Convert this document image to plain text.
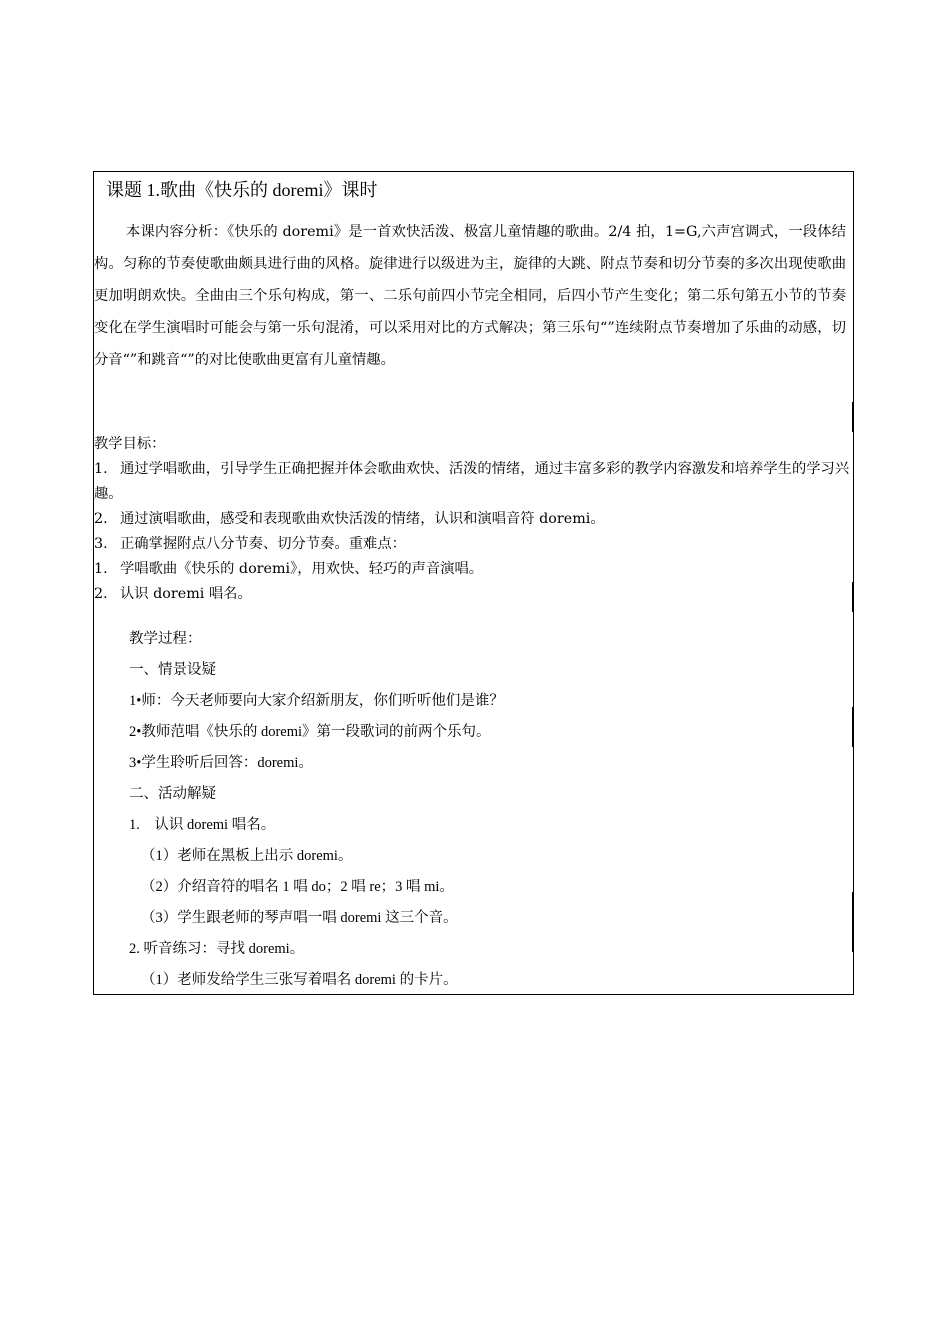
课题 1.歌曲《快乐的 doremi》课时
本课内容分析：《快乐的 doremi》是一首欢快活泼、极富儿童情趣的歌曲。2/4 拍，1=G,六声宫调式，一段体结构。匀称的节奏使歌曲颇具进行曲的风格。旋律进行以级进为主，旋律的大跳、附点节奏和切分节奏的多次出现使歌曲更加明朗欢快。全曲由三个乐句构成，第一、二乐句前四小节完全相同，后四小节产生变化；第二乐句第五小节的节奏变化在学生演唱时可能会与第一乐句混淆，可以采用对比的方式解决；第三乐句“”连续附点节奏增加了乐曲的动感，切分音“”和跳音“”的对比使歌曲更富有儿童情趣。
教学目标：
1. 通过学唱歌曲，引导学生正确把握并体会歌曲欢快、活泼的情绪，通过丰富多彩的教学内容激发和培养学生的学习兴趣。
2. 通过演唱歌曲，感受和表现歌曲欢快活泼的情绪，认识和演唱音符 doremi。
3. 正确掌握附点八分节奏、切分节奏。重难点：
1. 学唱歌曲《快乐的 doremi》，用欢快、轻巧的声音演唱。
2. 认识 doremi 唱名。
教学过程：
一、情景设疑
1•师：今天老师要向大家介绍新朋友，你们听听他们是谁？
2•教师范唱《快乐的 doremi》第一段歌词的前两个乐句。
3•学生聆听后回答：doremi。
二、活动解疑
1.　认识 doremi 唱名。
（1）老师在黑板上出示 doremi。
（2）介绍音符的唱名 1 唱 do；2 唱 re；3 唱 mi。
（3）学生跟老师的琴声唱一唱 doremi 这三个音。
2. 听音练习：寻找 doremi。
（1）老师发给学生三张写着唱名 doremi 的卡片。
